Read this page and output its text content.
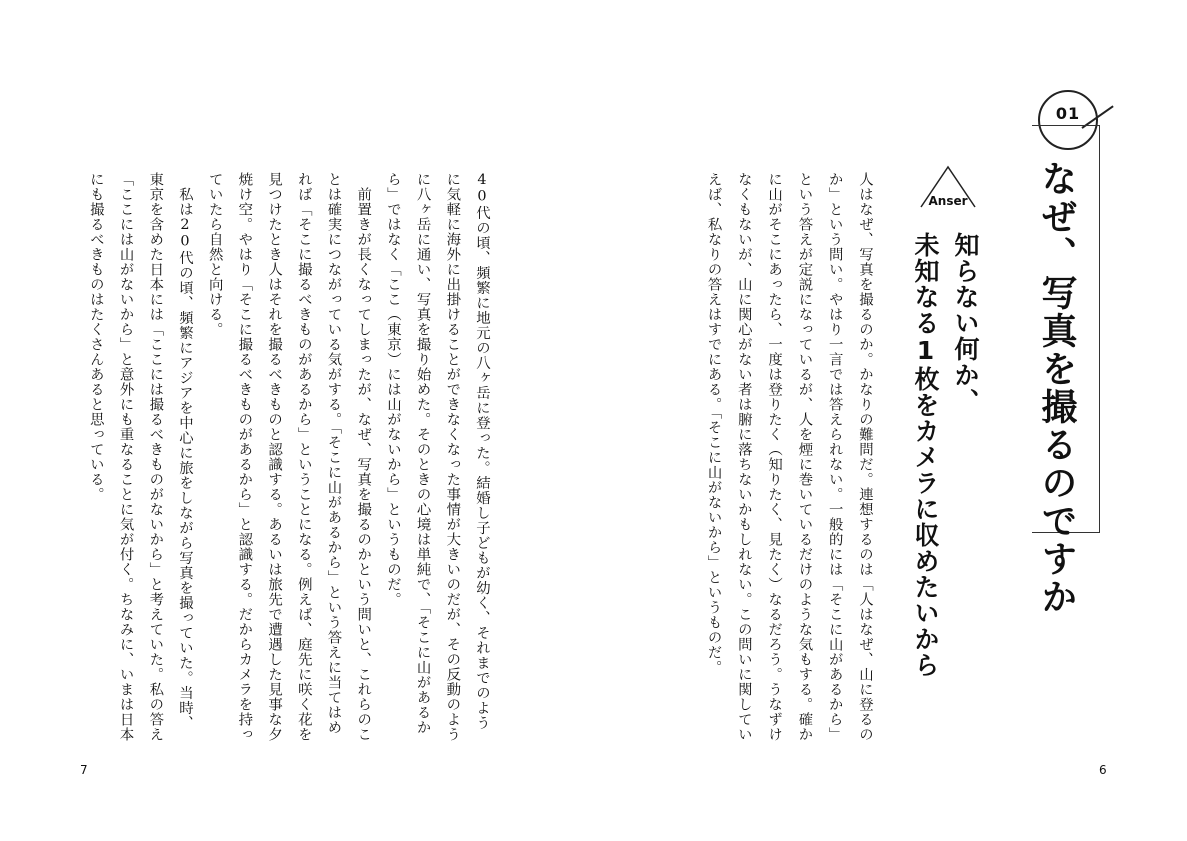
01
なぜ、写真を撮るのですか
Anser
知らない何か、
未知なる1枚をカメラに収めたいから
人はなぜ、写真を撮るのか。かなりの難問だ。連想するのは「人はなぜ、山に登るのか」という問い。やはり一言では答えられない。一般的には「そこに山があるから」という答えが定説になっているが、人を煙に巻いているだけのような気もする。確かに山がそこにあったら、一度は登りたく（知りたく、見たく）なるだろう。うなずけなくもないが、山に関心がない者は腑に落ちないかもしれない。この問いに関していえば、私なりの答えはすでにある。「そこに山がないから」というものだ。
40代の頃、頻繁に地元の八ヶ岳に登った。結婚し子どもが幼く、それまでのように気軽に海外に出掛けることができなくなった事情が大きいのだが、その反動のように八ヶ岳に通い、写真を撮り始めた。そのときの心境は単純で、「そこに山があるから」ではなく「ここ（東京）には山がないから」というものだ。
　前置きが長くなってしまったが、なぜ、写真を撮るのかという問いと、これらのことは確実につながっている気がする。「そこに山があるから」という答えに当てはめれば「そこに撮るべきものがあるから」ということになる。例えば、庭先に咲く花を見つけたとき人はそれを撮るべきものと認識する。あるいは旅先で遭遇した見事な夕焼け空。やはり「そこに撮るべきものがあるから」と認識する。だからカメラを持っていたら自然と向ける。
　私は20代の頃、頻繁にアジアを中心に旅をしながら写真を撮っていた。当時、東京を含めた日本には「ここには撮るべきものがないから」と考えていた。私の答え「ここには山がないから」と意外にも重なることに気が付く。ちなみに、いまは日本にも撮るべきものはたくさんあると思っている。
7	6
